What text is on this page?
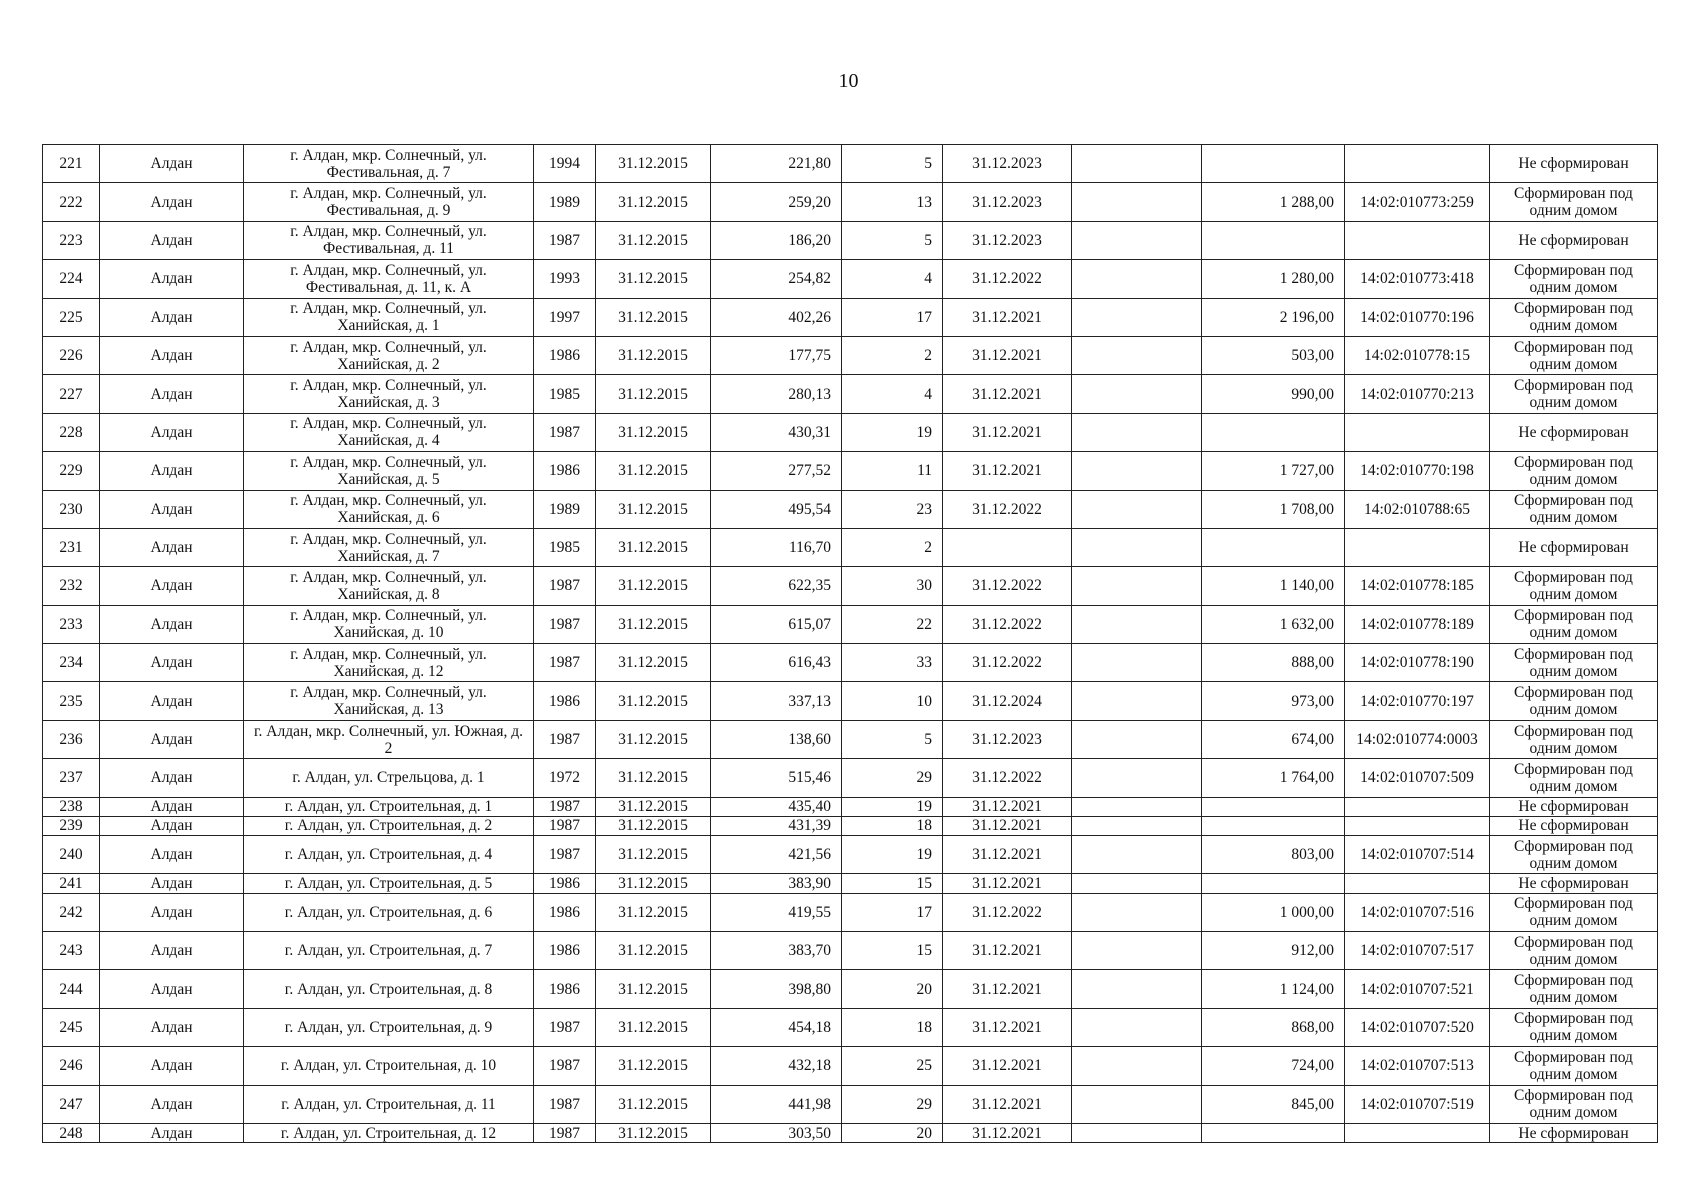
10
221	Алдан	г. Алдан, мкр. Солнечный, ул. Фестивальная, д. 7	1994	31.12.2015	221,80	5	31.12.2023				Не сформирован
222	Алдан	г. Алдан, мкр. Солнечный, ул. Фестивальная, д. 9	1989	31.12.2015	259,20	13	31.12.2023		1 288,00	14:02:010773:259	Сформирован под одним домом
223	Алдан	г. Алдан, мкр. Солнечный, ул. Фестивальная, д. 11	1987	31.12.2015	186,20	5	31.12.2023				Не сформирован
224	Алдан	г. Алдан, мкр. Солнечный, ул. Фестивальная, д. 11, к. А	1993	31.12.2015	254,82	4	31.12.2022		1 280,00	14:02:010773:418	Сформирован под одним домом
225	Алдан	г. Алдан, мкр. Солнечный, ул. Ханийская, д. 1	1997	31.12.2015	402,26	17	31.12.2021		2 196,00	14:02:010770:196	Сформирован под одним домом
226	Алдан	г. Алдан, мкр. Солнечный, ул. Ханийская, д. 2	1986	31.12.2015	177,75	2	31.12.2021		503,00	14:02:010778:15	Сформирован под одним домом
227	Алдан	г. Алдан, мкр. Солнечный, ул. Ханийская, д. 3	1985	31.12.2015	280,13	4	31.12.2021		990,00	14:02:010770:213	Сформирован под одним домом
228	Алдан	г. Алдан, мкр. Солнечный, ул. Ханийская, д. 4	1987	31.12.2015	430,31	19	31.12.2021				Не сформирован
229	Алдан	г. Алдан, мкр. Солнечный, ул. Ханийская, д. 5	1986	31.12.2015	277,52	11	31.12.2021		1 727,00	14:02:010770:198	Сформирован под одним домом
230	Алдан	г. Алдан, мкр. Солнечный, ул. Ханийская, д. 6	1989	31.12.2015	495,54	23	31.12.2022		1 708,00	14:02:010788:65	Сформирован под одним домом
231	Алдан	г. Алдан, мкр. Солнечный, ул. Ханийская, д. 7	1985	31.12.2015	116,70	2					Не сформирован
232	Алдан	г. Алдан, мкр. Солнечный, ул. Ханийская, д. 8	1987	31.12.2015	622,35	30	31.12.2022		1 140,00	14:02:010778:185	Сформирован под одним домом
233	Алдан	г. Алдан, мкр. Солнечный, ул. Ханийская, д. 10	1987	31.12.2015	615,07	22	31.12.2022		1 632,00	14:02:010778:189	Сформирован под одним домом
234	Алдан	г. Алдан, мкр. Солнечный, ул. Ханийская, д. 12	1987	31.12.2015	616,43	33	31.12.2022		888,00	14:02:010778:190	Сформирован под одним домом
235	Алдан	г. Алдан, мкр. Солнечный, ул. Ханийская, д. 13	1986	31.12.2015	337,13	10	31.12.2024		973,00	14:02:010770:197	Сформирован под одним домом
236	Алдан	г. Алдан, мкр. Солнечный, ул. Южная, д. 2	1987	31.12.2015	138,60	5	31.12.2023		674,00	14:02:010774:0003	Сформирован под одним домом
237	Алдан	г. Алдан, ул. Стрельцова, д. 1	1972	31.12.2015	515,46	29	31.12.2022		1 764,00	14:02:010707:509	Сформирован под одним домом
238	Алдан	г. Алдан, ул. Строительная, д. 1	1987	31.12.2015	435,40	19	31.12.2021				Не сформирован
239	Алдан	г. Алдан, ул. Строительная, д. 2	1987	31.12.2015	431,39	18	31.12.2021				Не сформирован
240	Алдан	г. Алдан, ул. Строительная, д. 4	1987	31.12.2015	421,56	19	31.12.2021		803,00	14:02:010707:514	Сформирован под одним домом
241	Алдан	г. Алдан, ул. Строительная, д. 5	1986	31.12.2015	383,90	15	31.12.2021				Не сформирован
242	Алдан	г. Алдан, ул. Строительная, д. 6	1986	31.12.2015	419,55	17	31.12.2022		1 000,00	14:02:010707:516	Сформирован под одним домом
243	Алдан	г. Алдан, ул. Строительная, д. 7	1986	31.12.2015	383,70	15	31.12.2021		912,00	14:02:010707:517	Сформирован под одним домом
244	Алдан	г. Алдан, ул. Строительная, д. 8	1986	31.12.2015	398,80	20	31.12.2021		1 124,00	14:02:010707:521	Сформирован под одним домом
245	Алдан	г. Алдан, ул. Строительная, д. 9	1987	31.12.2015	454,18	18	31.12.2021		868,00	14:02:010707:520	Сформирован под одним домом
246	Алдан	г. Алдан, ул. Строительная, д. 10	1987	31.12.2015	432,18	25	31.12.2021		724,00	14:02:010707:513	Сформирован под одним домом
247	Алдан	г. Алдан, ул. Строительная, д. 11	1987	31.12.2015	441,98	29	31.12.2021		845,00	14:02:010707:519	Сформирован под одним домом
248	Алдан	г. Алдан, ул. Строительная, д. 12	1987	31.12.2015	303,50	20	31.12.2021				Не сформирован
